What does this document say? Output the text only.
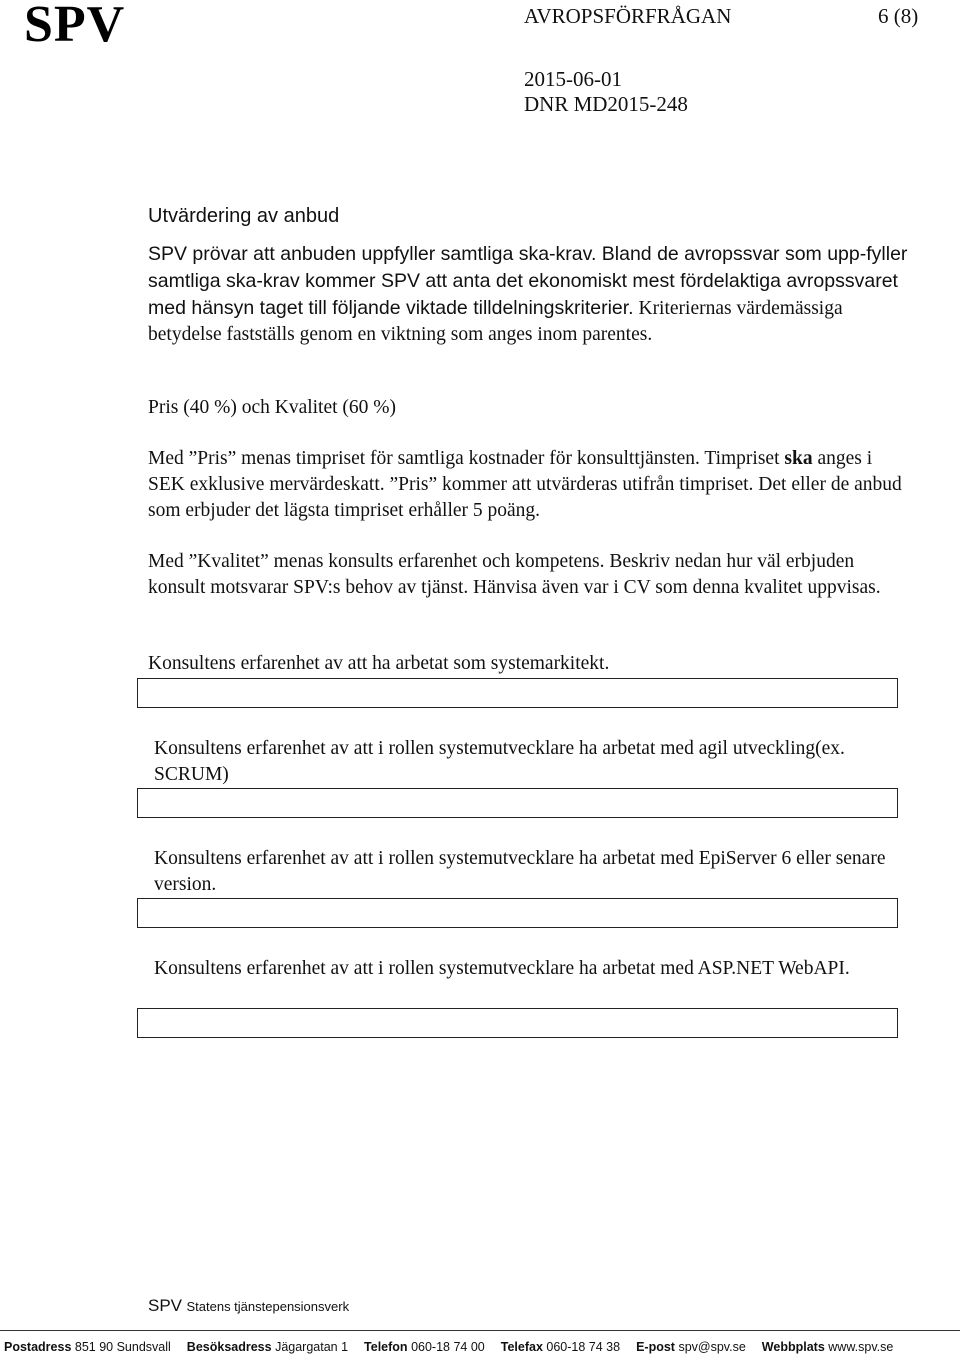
SPV	AVROPSFÖRFRÅGAN	6 (8)
2015-06-01
DNR MD2015-248
Utvärdering av anbud

SPV prövar att anbuden uppfyller samtliga ska-krav. Bland de avropssvar som upp-fyller samtliga ska-krav kommer SPV att anta det ekonomiskt mest fördelaktiga avropssvaret med hänsyn taget till följande viktade tilldelningskriterier. Kriteriernas värdemässiga betydelse fastställs genom en viktning som anges inom parentes.

Pris (40 %) och Kvalitet (60 %)

Med ”Pris” menas timpriset för samtliga kostnader för konsulttjänsten. Timpriset ska anges i SEK exklusive mervärdeskatt. ”Pris” kommer att utvärderas utifrån timpriset. Det eller de anbud som erbjuder det lägsta timpriset erhåller 5 poäng.

Med ”Kvalitet” menas konsults erfarenhet och kompetens. Beskriv nedan hur väl erbjuden konsult motsvarar SPV:s behov av tjänst. Hänvisa även var i CV som denna kvalitet uppvisas.

Konsultens erfarenhet av att ha arbetat som systemarkitekt.

Konsultens erfarenhet av att i rollen systemutvecklare ha arbetat med agil utveckling(ex. SCRUM)

Konsultens erfarenhet av att i rollen systemutvecklare ha arbetat med EpiServer 6 eller senare version.

Konsultens erfarenhet av att i rollen systemutvecklare ha arbetat med ASP.NET WebAPI.

SPV Statens tjänstepensionsverk
Postadress 851 90 Sundsvall Besöksadress Jägargatan 1 Telefon 060-18 74 00 Telefax 060-18 74 38 E-post spv@spv.se Webbplats www.spv.se
